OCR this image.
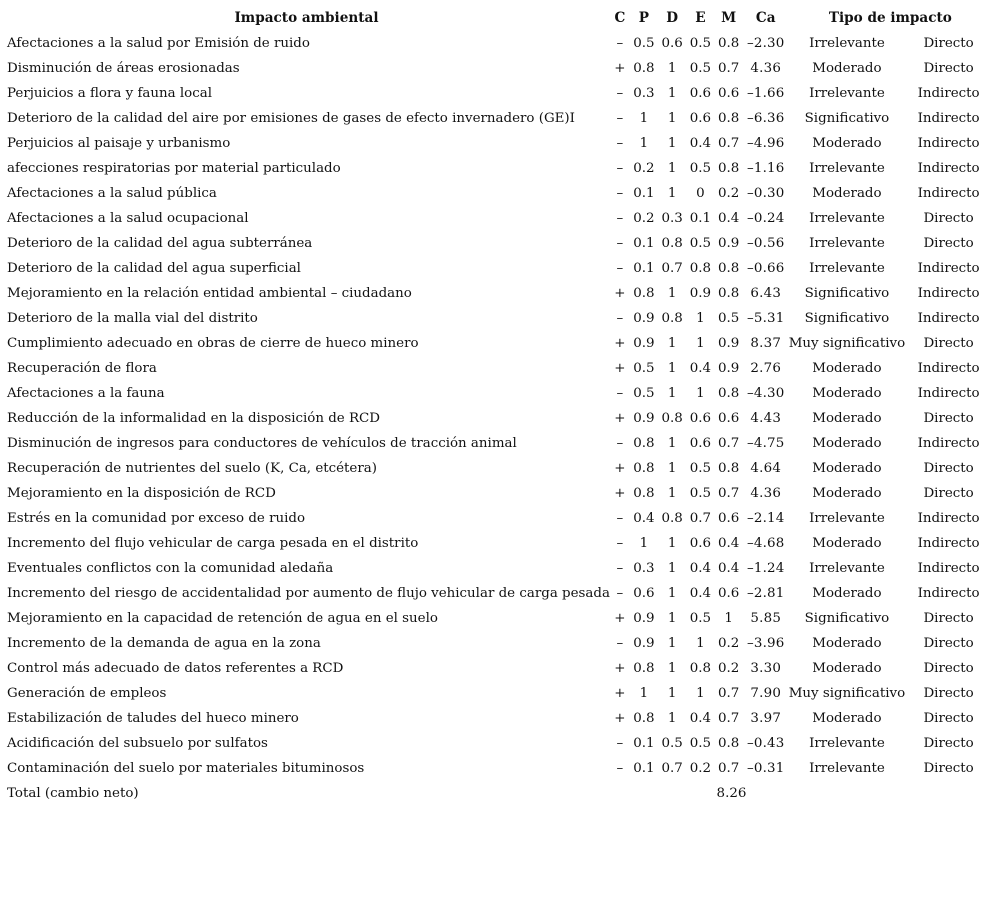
Impacto ambiental	C	P	D	E	M	Ca	Tipo de impacto	
Afectaciones a la salud por Emisión de ruido	–	0.5	0.6	0.5	0.8	–2.30	Irrelevante	Directo
Disminución de áreas erosionadas	+	0.8	1	0.5	0.7	4.36	Moderado	Directo
Perjuicios a flora y fauna local	–	0.3	1	0.6	0.6	–1.66	Irrelevante	Indirecto
Deterioro de la calidad del aire por emisiones de gases de efecto invernadero (GE)I	–	1	1	0.6	0.8	–6.36	Significativo	Indirecto
Perjuicios al paisaje y urbanismo	–	1	1	0.4	0.7	–4.96	Moderado	Indirecto
afecciones respiratorias por material particulado	–	0.2	1	0.5	0.8	–1.16	Irrelevante	Indirecto
Afectaciones a la salud pública	–	0.1	1	0	0.2	–0.30	Moderado	Indirecto
Afectaciones a la salud ocupacional	–	0.2	0.3	0.1	0.4	–0.24	Irrelevante	Directo
Deterioro de la calidad del agua subterránea	–	0.1	0.8	0.5	0.9	–0.56	Irrelevante	Directo
Deterioro de la calidad del agua superficial	–	0.1	0.7	0.8	0.8	–0.66	Irrelevante	Indirecto
Mejoramiento en la relación entidad ambiental – ciudadano	+	0.8	1	0.9	0.8	6.43	Significativo	Indirecto
Deterioro de la malla vial del distrito	–	0.9	0.8	1	0.5	–5.31	Significativo	Indirecto
Cumplimiento adecuado en obras de cierre de hueco minero	+	0.9	1	1	0.9	8.37	Muy significativo	Directo
Recuperación de flora	+	0.5	1	0.4	0.9	2.76	Moderado	Indirecto
Afectaciones a la fauna	–	0.5	1	1	0.8	–4.30	Moderado	Indirecto
Reducción de la informalidad en la disposición de RCD	+	0.9	0.8	0.6	0.6	4.43	Moderado	Directo
Disminución de ingresos para conductores de vehículos de tracción animal	–	0.8	1	0.6	0.7	–4.75	Moderado	Indirecto
Recuperación de nutrientes del suelo (K, Ca, etcétera)	+	0.8	1	0.5	0.8	4.64	Moderado	Directo
Mejoramiento en la disposición de RCD	+	0.8	1	0.5	0.7	4.36	Moderado	Directo
Estrés en la comunidad por exceso de ruido	–	0.4	0.8	0.7	0.6	–2.14	Irrelevante	Indirecto
Incremento del flujo vehicular de carga pesada en el distrito	–	1	1	0.6	0.4	–4.68	Moderado	Indirecto
Eventuales conflictos con la comunidad aledaña	–	0.3	1	0.4	0.4	–1.24	Irrelevante	Indirecto
Incremento del riesgo de accidentalidad por aumento de flujo vehicular de carga pesada	–	0.6	1	0.4	0.6	–2.81	Moderado	Indirecto
Mejoramiento en la capacidad de retención de agua en el suelo	+	0.9	1	0.5	1	5.85	Significativo	Directo
Incremento de la demanda de agua en la zona	–	0.9	1	1	0.2	–3.96	Moderado	Directo
Control más adecuado de datos referentes a RCD	+	0.8	1	0.8	0.2	3.30	Moderado	Directo
Generación de empleos	+	1	1	1	0.7	7.90	Muy significativo	Directo
Estabilización de taludes del hueco minero	+	0.8	1	0.4	0.7	3.97	Moderado	Directo
Acidificación del subsuelo por sulfatos	–	0.1	0.5	0.5	0.8	–0.43	Irrelevante	Directo
Contaminación del suelo por materiales bituminosos	–	0.1	0.7	0.2	0.7	–0.31	Irrelevante	Directo
Total (cambio neto)					8.26			
